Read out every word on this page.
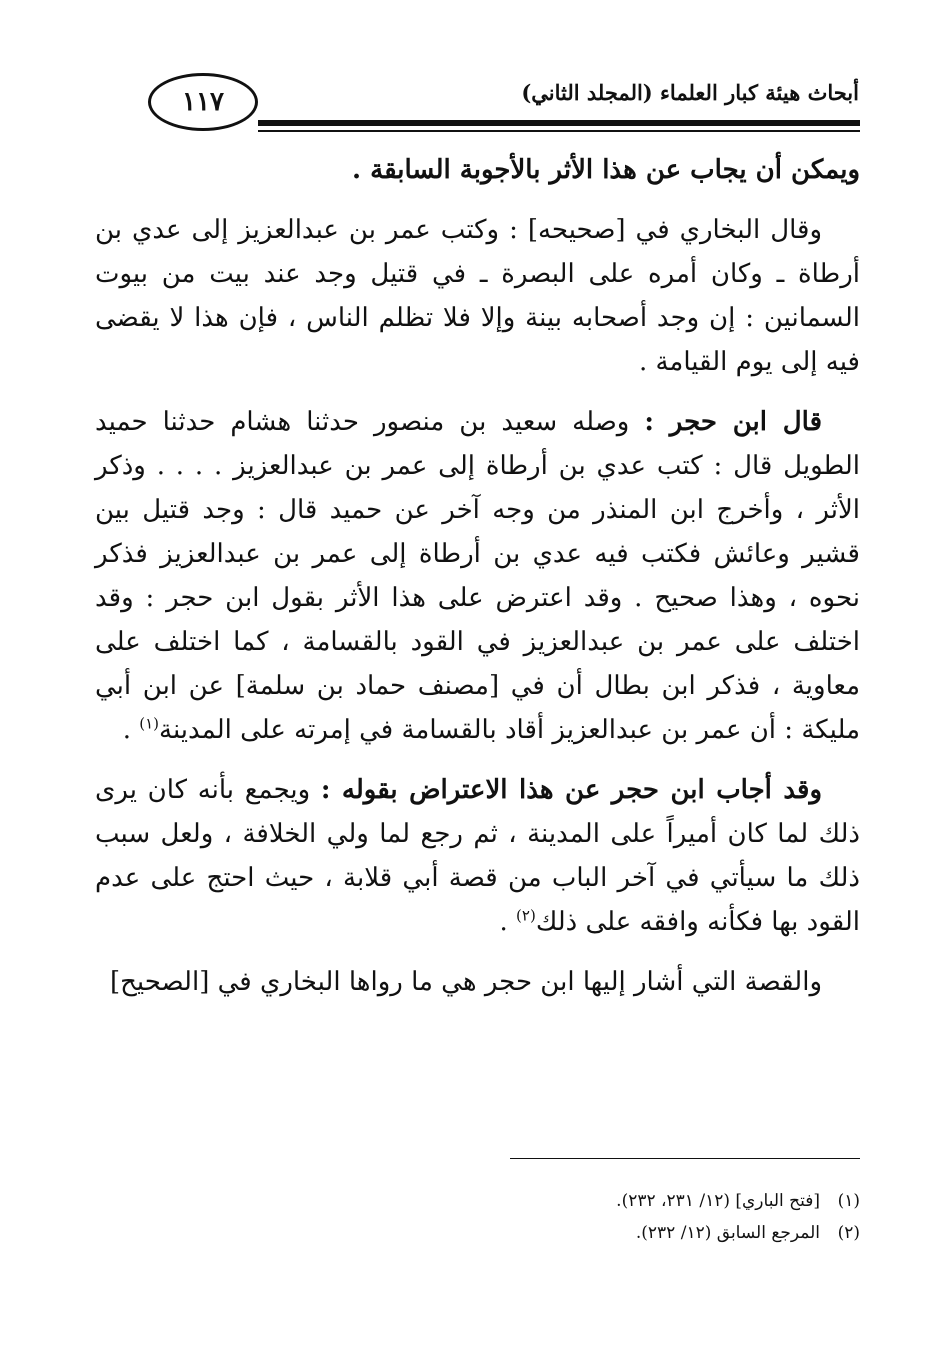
١١٧	أبحاث هيئة كبار العلماء (المجلد الثاني)

ويمكن أن يجاب عن هذا الأثر بالأجوبة السابقة .

وقال البخاري في [صحيحه] : وكتب عمر بن عبدالعزيز إلى عدي بن أرطاة ـ وكان أمره على البصرة ـ في قتيل وجد عند بيت من بيوت السمانين : إن وجد أصحابه بينة وإلا فلا تظلم الناس ، فإن هذا لا يقضى فيه إلى يوم القيامة .

قال ابن حجر : وصله سعيد بن منصور حدثنا هشام حدثنا حميد الطويل قال : كتب عدي بن أرطاة إلى عمر بن عبدالعزيز . . . . وذكر الأثر ، وأخرج ابن المنذر من وجه آخر عن حميد قال : وجد قتيل بين قشير وعائش فكتب فيه عدي بن أرطاة إلى عمر بن عبدالعزيز فذكر نحوه ، وهذا صحيح . وقد اعترض على هذا الأثر بقول ابن حجر : وقد اختلف على عمر بن عبدالعزيز في القود بالقسامة ، كما اختلف على معاوية ، فذكر ابن بطال أن في [مصنف حماد بن سلمة] عن ابن أبي مليكة : أن عمر بن عبدالعزيز أقاد بالقسامة في إمرته على المدينة$^{(١)}$ .

وقد أجاب ابن حجر عن هذا الاعتراض بقوله : ويجمع بأنه كان يرى ذلك لما كان أميراً على المدينة ، ثم رجع لما ولي الخلافة ، ولعل سبب ذلك ما سيأتي في آخر الباب من قصة أبي قلابة ، حيث احتج على عدم القود بها فكأنه وافقه على ذلك$^{(٢)}$ .

والقصة التي أشار إليها ابن حجر هي ما رواها البخاري في [الصحيح]

(١)[فتح الباري] (١٢/ ٢٣١، ٢٣٢).
(٢)المرجع السابق (١٢/ ٢٣٢).
